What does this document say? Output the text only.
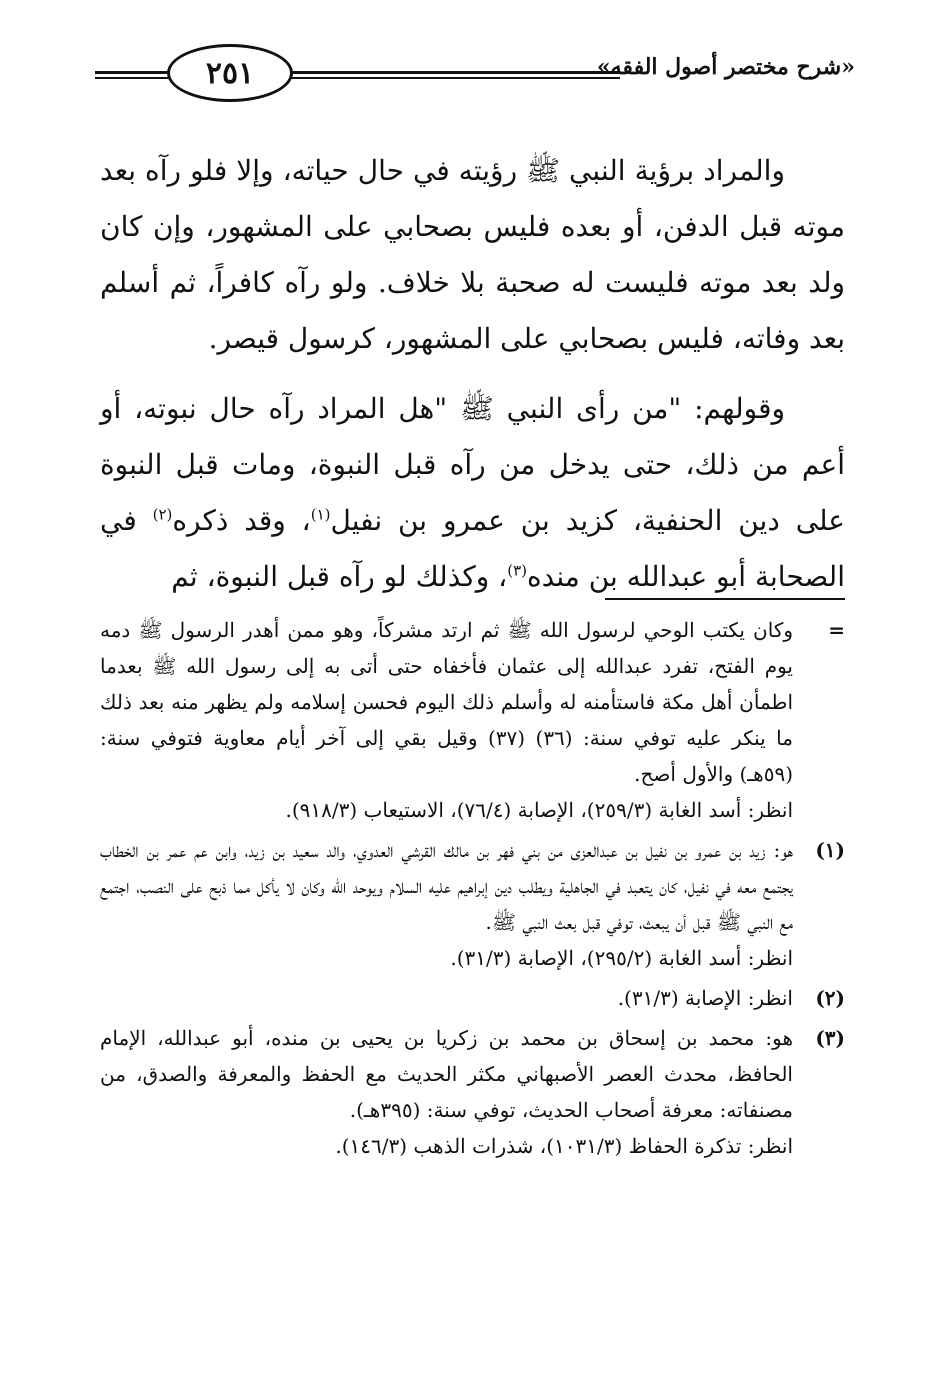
٢٥١	«شرح مختصر أصول الفقه»

والمراد برؤية النبي ﷺ رؤيته في حال حياته، وإلا فلو رآه بعد موته قبل الدفن، أو بعده فليس بصحابي على المشهور، وإن كان ولد بعد موته فليست له صحبة بلا خلاف. ولو رآه كافراً، ثم أسلم بعد وفاته، فليس بصحابي على المشهور، كرسول قيصر.

وقولهم: "من رأى النبي ﷺ "هل المراد رآه حال نبوته، أو أعم من ذلك، حتى يدخل من رآه قبل النبوة، ومات قبل النبوة على دين الحنفية، كزيد بن عمرو بن نفيل$^{(١)}$، وقد ذكره$^{(٢)}$ في الصحابة أبو عبدالله بن منده$^{(٣)}$، وكذلك لو رآه قبل النبوة، ثم

=
وكان يكتب الوحي لرسول الله ﷺ ثم ارتد مشركاً، وهو ممن أهدر الرسول ﷺ دمه يوم الفتح، تفرد عبدالله إلى عثمان فأخفاه حتى أتى به إلى رسول الله ﷺ بعدما اطمأن أهل مكة فاستأمنه له وأسلم ذلك اليوم فحسن إسلامه ولم يظهر منه بعد ذلك ما ينكر عليه توفي سنة: (٣٦) (٣٧) وقيل بقي إلى آخر أيام معاوية فتوفي سنة: (٥٩هـ) والأول أصح.
انظر: أسد الغابة (٢٥٩/٣)، الإصابة (٧٦/٤)، الاستيعاب (٩١٨/٣).
(١)
هو: زيد بن عمرو بن نفيل بن عبدالعزى من بني فهر بن مالك القرشي العدوي، والد سعيد بن زيد، وابن عم عمر بن الخطاب يجتمع معه في نفيل، كان يتعبد في الجاهلية ويطلب دين إبراهيم عليه السلام ويوحد الله وكان لا يأكل مما ذبح على النصب، اجتمع مع النبي ﷺ قبل أن يبعث، توفي قبل بعث النبي ﷺ.
انظر: أسد الغابة (٢٩٥/٢)، الإصابة (٣١/٣).
(٢)
انظر: الإصابة (٣١/٣).
(٣)
هو: محمد بن إسحاق بن محمد بن زكريا بن يحيى بن منده، أبو عبدالله، الإمام الحافظ، محدث العصر الأصبهاني مكثر الحديث مع الحفظ والمعرفة والصدق، من مصنفاته: معرفة أصحاب الحديث، توفي سنة: (٣٩٥هـ).
انظر: تذكرة الحفاظ (١٠٣١/٣)، شذرات الذهب (١٤٦/٣).
